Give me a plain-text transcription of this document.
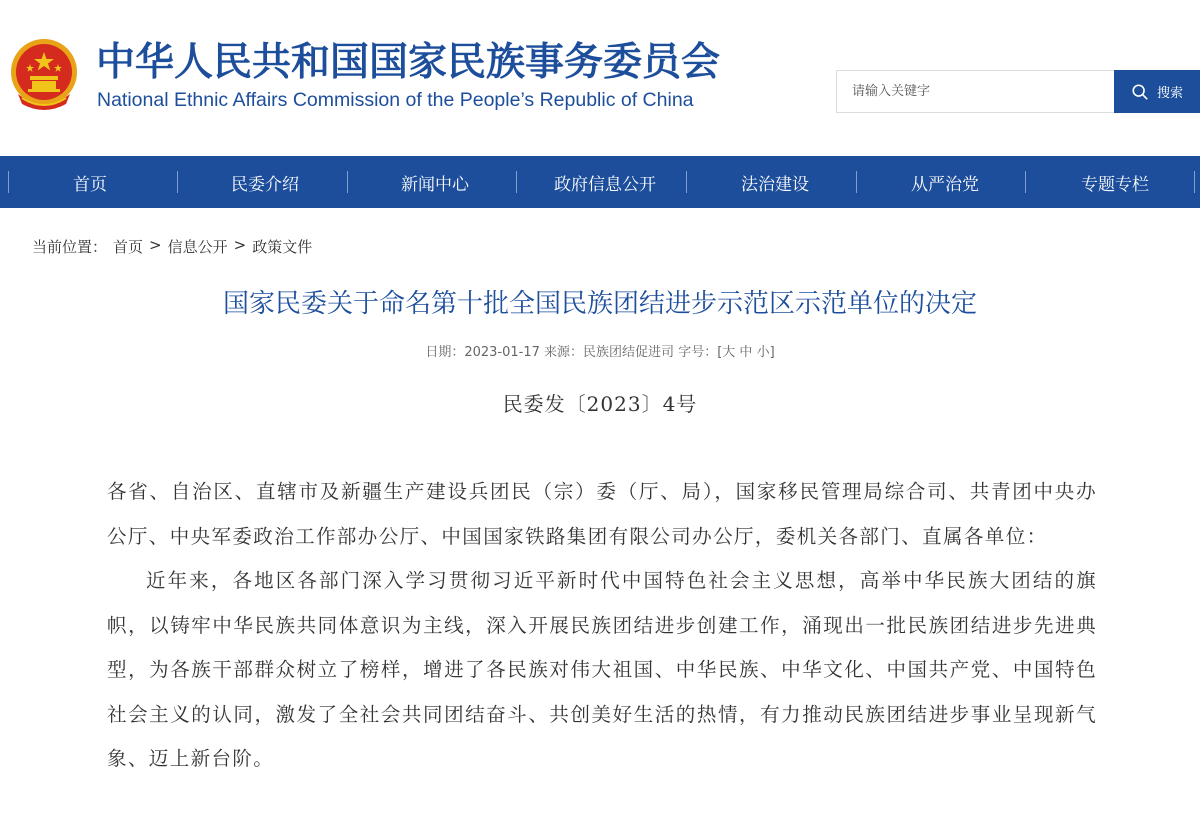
中华人民共和国国家民族事务委员会
National Ethnic Affairs Commission of the People’s Republic of China
请输入关键字	搜索
首页	民委介绍	新闻中心	政府信息公开	法治建设	从严治党	专题专栏
当前位置： 首页 > 信息公开 > 政策文件
国家民委关于命名第十批全国民族团结进步示范区示范单位的决定
日期：2023-01-17 来源：民族团结促进司 字号：[大 中 小]
民委发〔2023〕4号

各省、自治区、直辖市及新疆生产建设兵团民（宗）委（厅、局），国家移民管理局综合司、共青团中央办公厅、中央军委政治工作部办公厅、中国国家铁路集团有限公司办公厅，委机关各部门、直属各单位：

近年来，各地区各部门深入学习贯彻习近平新时代中国特色社会主义思想，高举中华民族大团结的旗帜，以铸牢中华民族共同体意识为主线，深入开展民族团结进步创建工作，涌现出一批民族团结进步先进典型，为各族干部群众树立了榜样，增进了各民族对伟大祖国、中华民族、中华文化、中国共产党、中国特色社会主义的认同，激发了全社会共同团结奋斗、共创美好生活的热情，有力推动民族团结进步事业呈现新气象、迈上新台阶。
